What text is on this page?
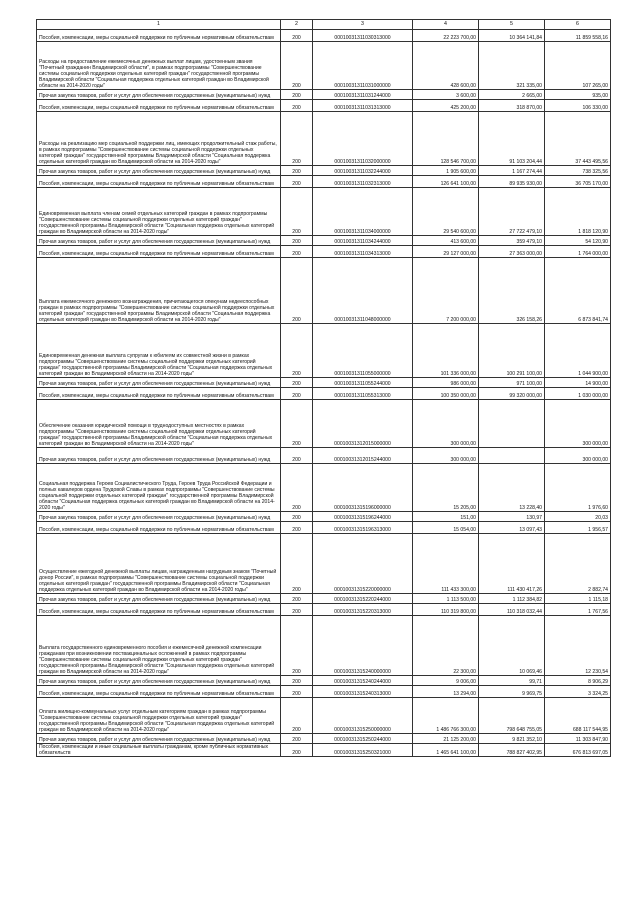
1	2	3	4	5	6
Пособия, компенсации, меры социальной поддержки по публичным нормативным обязательствам	200	00010031311030313000	22 223 700,00	10 364 141,84	11 859 558,16
Расходы на предоставление ежемесячных денежных выплат лицам, удостоенным звания "Почетный гражданин Владимирской области", в рамках подпрограммы "Совершенствование системы социальной поддержки отдельных категорий граждан" государственной программы Владимирской области "Социальная поддержка отдельных категорий граждан во Владимирской области на 2014-2020 годы"	200	00010031311031000000	428 600,00	321 335,00	107 265,00
Прочая закупка товаров, работ и услуг для обеспечения государственных (муниципальных) нужд	200	00010031311031244000	3 600,00	2 665,00	935,00
Пособия, компенсации, меры социальной поддержки по публичным нормативным обязательствам	200	00010031311031313000	425 200,00	318 870,00	106 330,00
Расходы на реализацию мер социальной поддержки лиц, имеющих продолжительный стаж работы, в рамках подпрограммы "Совершенствование системы социальной поддержки отдельных категорий граждан" государственной программы Владимирской области "Социальная поддержка отдельных категорий граждан во Владимирской области на 2014-2020 годы"	200	00010031311032000000	128 546 700,00	91 103 204,44	37 443 495,56
Прочая закупка товаров, работ и услуг для обеспечения государственных (муниципальных) нужд	200	00010031311032244000	1 905 600,00	1 167 274,44	738 325,56
Пособия, компенсации, меры социальной поддержки по публичным нормативным обязательствам	200	00010031311032313000	126 641 100,00	89 935 930,00	36 705 170,00
Единовременная выплата членам семей отдельных категорий граждан в рамках подпрограммы "Совершенствование системы социальной поддержки отдельных категорий граждан" государственной программы Владимирской области "Социальная поддержка отдельных категорий граждан во Владимирской области на 2014-2020 годы"	200	00010031311034000000	29 540 600,00	27 722 479,10	1 818 120,90
Прочая закупка товаров, работ и услуг для обеспечения государственных (муниципальных) нужд	200	00010031311034244000	413 600,00	359 479,10	54 120,90
Пособия, компенсации, меры социальной поддержки по публичным нормативным обязательствам	200	00010031311034313000	29 127 000,00	27 363 000,00	1 764 000,00
Выплата ежемесячного денежного вознаграждения, причитающегося опекунам недееспособных граждан в рамках подпрограммы "Совершенствование системы социальной поддержки отдельных категорий граждан" государственной программы Владимирской области "Социальная поддержка отдельных категорий граждан во Владимирской области на 2014-2020 годы"	200	00010031311048000000	7 200 000,00	326 158,26	6 873 841,74
Единовременная денежная выплата супругам к юбилеям их совместной жизни в рамках подпрограммы "Совершенствование системы социальной поддержки отдельных категорий граждан" государственной программы Владимирской области "Социальная поддержка отдельных категорий граждан во Владимирской области на 2014-2020 годы"	200	00010031311055000000	101 336 000,00	100 291 100,00	1 044 900,00
Прочая закупка товаров, работ и услуг для обеспечения государственных (муниципальных) нужд	200	00010031311055244000	986 000,00	971 100,00	14 900,00
Пособия, компенсации, меры социальной поддержки по публичным нормативным обязательствам	200	00010031311055313000	100 350 000,00	99 320 000,00	1 030 000,00
Обеспечение оказания юридической помощи в труднодоступных местностях в рамках подпрограммы "Совершенствование системы социальной поддержки отдельных категорий граждан" государственной программы Владимирской области "Социальная поддержка отдельных категорий граждан во Владимирской области на 2014-2020 годы"	200	00010031312015000000	300 000,00		300 000,00
Прочая закупка товаров, работ и услуг для обеспечения государственных (муниципальных) нужд	200	00010031312015244000	300 000,00		300 000,00
Социальная поддержка Героев Социалистического Труда, Героев Труда Российской Федерации и полных кавалеров ордена Трудовой Славы в рамках подпрограммы "Совершенствование системы социальной поддержки отдельных категорий граждан" государственной программы Владимирской области "Социальная поддержка отдельных категорий граждан во Владимирской области на 2014-2020 годы"	200	00010031315196000000	15 205,00	13 228,40	1 976,60
Прочая закупка товаров, работ и услуг для обеспечения государственных (муниципальных) нужд	200	00010031315196244000	151,00	130,97	20,03
Пособия, компенсации, меры социальной поддержки по публичным нормативным обязательствам	200	00010031315196313000	15 054,00	13 097,43	1 956,57
Осуществление ежегодной денежной выплаты лицам, награжденным нагрудным знаком "Почетный донор России", в рамках подпрограммы "Совершенствование системы социальной поддержки отдельных категорий граждан" государственной программы Владимирской области "Социальная поддержка отдельных категорий граждан во Владимирской области на 2014-2020 годы"	200	00010031315220000000	111 433 300,00	111 430 417,26	2 882,74
Прочая закупка товаров, работ и услуг для обеспечения государственных (муниципальных) нужд	200	00010031315220244000	1 113 500,00	1 112 384,82	1 115,18
Пособия, компенсации, меры социальной поддержки по публичным нормативным обязательствам	200	00010031315220313000	110 319 800,00	110 318 032,44	1 767,56
Выплата государственного единовременного пособия и ежемесячной денежной компенсации гражданам при возникновении поствакцинальных осложнений в рамках подпрограммы "Совершенствование системы социальной поддержки отдельных категорий граждан" государственной программы Владимирской области "Социальная поддержка отдельных категорий граждан во Владимирской области на 2014-2020 годы"	200	00010031315240000000	22 300,00	10 069,46	12 230,54
Прочая закупка товаров, работ и услуг для обеспечения государственных (муниципальных) нужд	200	00010031315240244000	9 006,00	99,71	8 906,29
Пособия, компенсации, меры социальной поддержки по публичным нормативным обязательствам	200	00010031315240313000	13 294,00	9 969,75	3 324,25
Оплата жилищно-коммунальных услуг отдельным категориям граждан в рамках подпрограммы "Совершенствование системы социальной поддержки отдельных категорий граждан" государственной программы Владимирской области "Социальная поддержка отдельных категорий граждан во Владимирской области на 2014-2020 годы"	200	00010031315250000000	1 486 766 300,00	798 648 755,05	688 117 544,95
Прочая закупка товаров, работ и услуг для обеспечения государственных (муниципальных) нужд	200	00010031315250244000	21 125 200,00	9 821 352,10	11 303 847,90
Пособия, компенсации и иные социальные выплаты гражданам, кроме публичных нормативных обязательств	200	00010031315250321000	1 465 641 100,00	788 827 402,95	676 813 697,05
